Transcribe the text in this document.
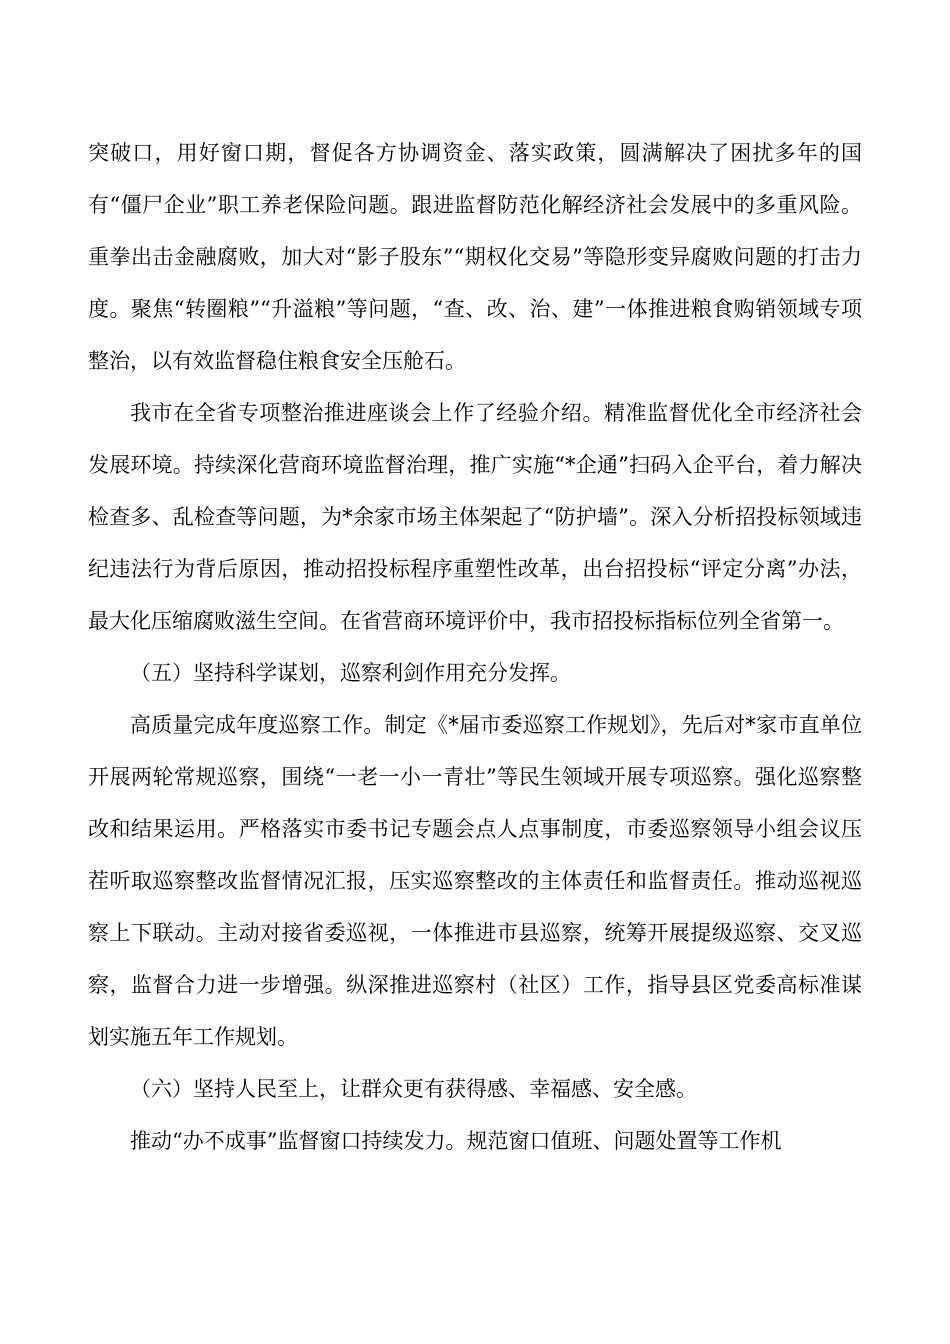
突破口，用好窗口期，督促各方协调资金、落实政策，圆满解决了困扰多年的国有“僵尸企业”职工养老保险问题。跟进监督防范化解经济社会发展中的多重风险。重拳出击金融腐败，加大对“影子股东”“期权化交易”等隐形变异腐败问题的打击力度。聚焦“转圈粮”“升溢粮”等问题，“查、改、治、建”一体推进粮食购销领域专项整治，以有效监督稳住粮食安全压舱石。

我市在全省专项整治推进座谈会上作了经验介绍。精准监督优化全市经济社会发展环境。持续深化营商环境监督治理，推广实施“*企通”扫码入企平台，着力解决检查多、乱检查等问题，为*余家市场主体架起了“防护墙”。深入分析招投标领域违纪违法行为背后原因，推动招投标程序重塑性改革，出台招投标“评定分离”办法，最大化压缩腐败滋生空间。在省营商环境评价中，我市招投标指标位列全省第一。

（五）坚持科学谋划，巡察利剑作用充分发挥。

高质量完成年度巡察工作。制定《*届市委巡察工作规划》，先后对*家市直单位开展两轮常规巡察，围绕“一老一小一青壮”等民生领域开展专项巡察。强化巡察整改和结果运用。严格落实市委书记专题会点人点事制度，市委巡察领导小组会议压茬听取巡察整改监督情况汇报，压实巡察整改的主体责任和监督责任。推动巡视巡察上下联动。主动对接省委巡视，一体推进市县巡察，统筹开展提级巡察、交叉巡察，监督合力进一步增强。纵深推进巡察村（社区）工作，指导县区党委高标准谋划实施五年工作规划。

（六）坚持人民至上，让群众更有获得感、幸福感、安全感。

推动“办不成事”监督窗口持续发力。规范窗口值班、问题处置等工作机
